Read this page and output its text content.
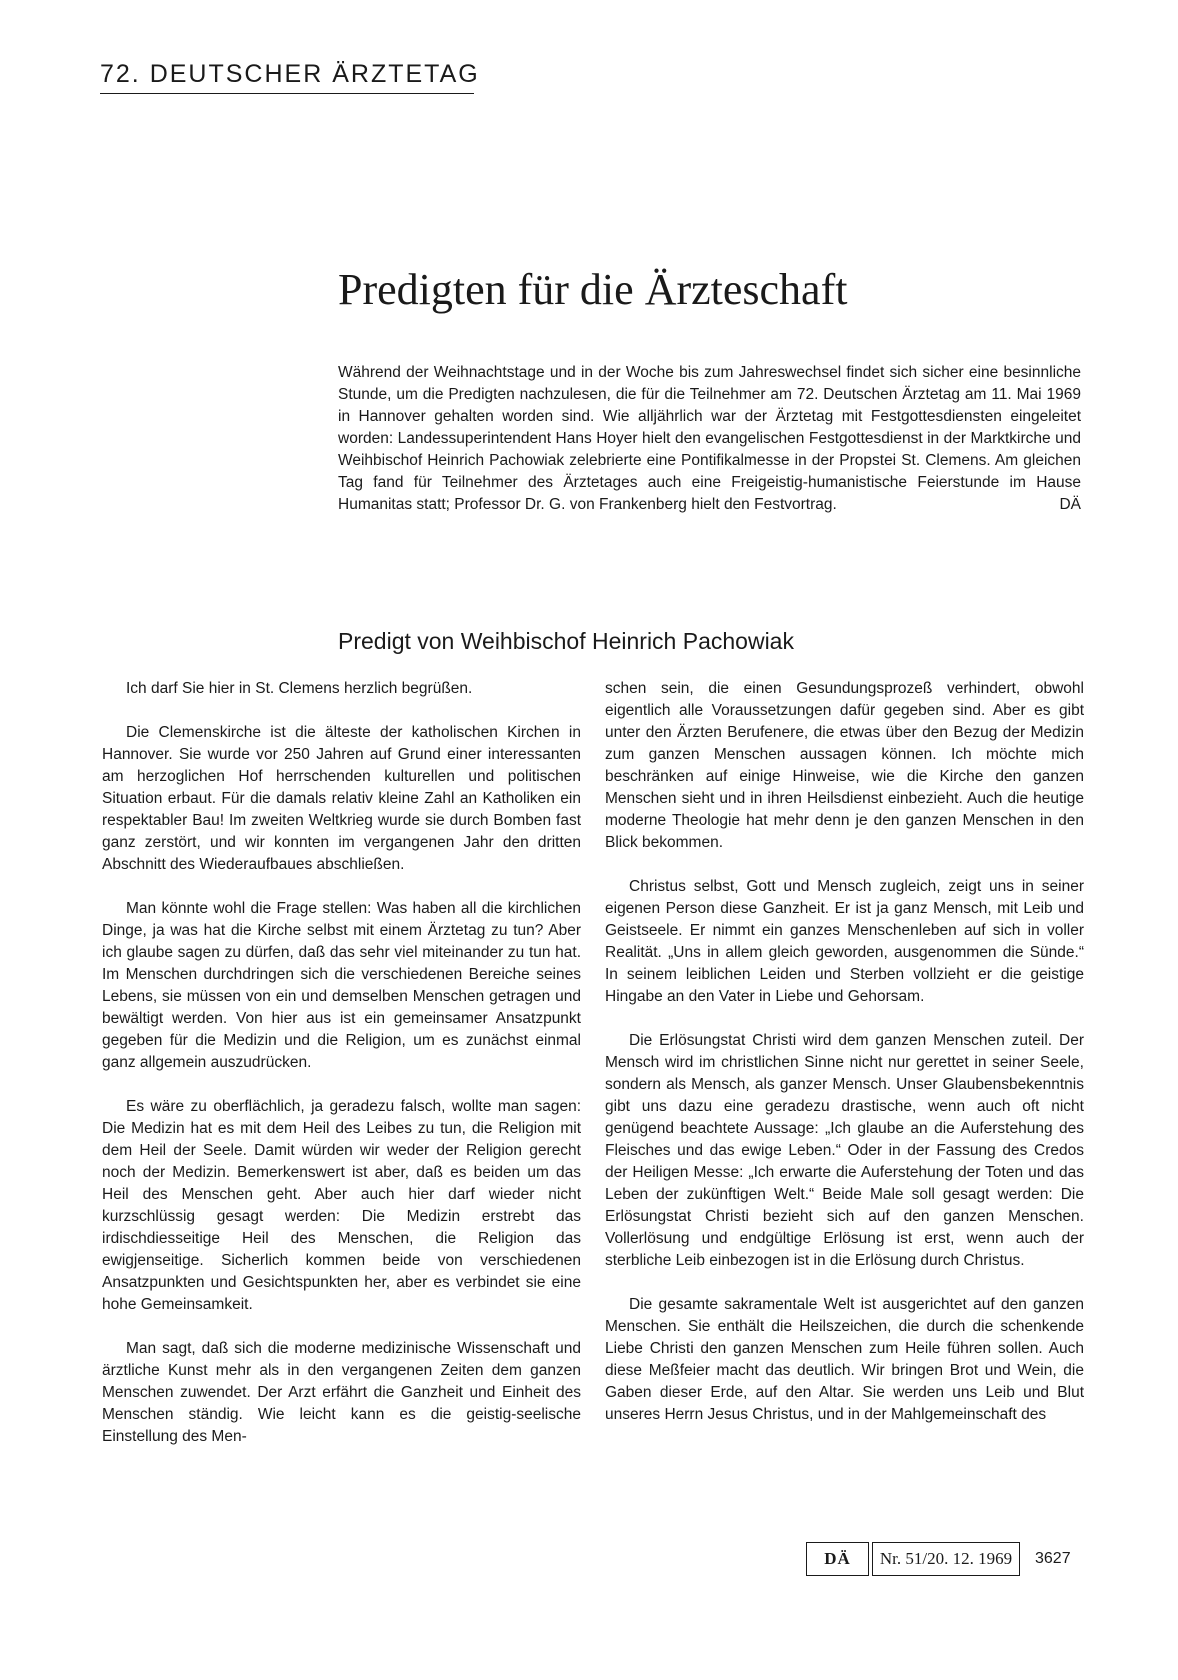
72. DEUTSCHER ÄRZTETAG
Predigten für die Ärzteschaft
Während der Weihnachtstage und in der Woche bis zum Jahreswechsel findet sich sicher eine besinnliche Stunde, um die Predigten nachzulesen, die für die Teilnehmer am 72. Deutschen Ärztetag am 11. Mai 1969 in Hannover gehalten worden sind. Wie alljährlich war der Ärztetag mit Festgottesdiensten eingeleitet worden: Landessuperintendent Hans Hoyer hielt den evangelischen Festgottesdienst in der Marktkirche und Weihbischof Heinrich Pachowiak zelebrierte eine Pontifikalmesse in der Propstei St. Clemens. Am gleichen Tag fand für Teilnehmer des Ärztetages auch eine Freigeistig-humanistische Feierstunde im Hause Humanitas statt; Professor Dr. G. von Frankenberg hielt den Festvortrag.	DÄ
Predigt von Weihbischof Heinrich Pachowiak

Ich darf Sie hier in St. Clemens herzlich begrüßen.

Die Clemenskirche ist die älteste der katholischen Kirchen in Hannover. Sie wurde vor 250 Jahren auf Grund einer interessanten am herzoglichen Hof herrschenden kulturellen und politischen Situation erbaut. Für die damals relativ kleine Zahl an Katholiken ein respektabler Bau! Im zweiten Weltkrieg wurde sie durch Bomben fast ganz zerstört, und wir konnten im vergangenen Jahr den dritten Abschnitt des Wiederaufbaues abschließen.

Man könnte wohl die Frage stellen: Was haben all die kirchlichen Dinge, ja was hat die Kirche selbst mit einem Ärztetag zu tun? Aber ich glaube sagen zu dürfen, daß das sehr viel miteinander zu tun hat. Im Menschen durchdringen sich die verschiedenen Bereiche seines Lebens, sie müssen von ein und demselben Menschen getragen und bewältigt werden. Von hier aus ist ein gemeinsamer Ansatzpunkt gegeben für die Medizin und die Religion, um es zunächst einmal ganz allgemein auszudrücken.

Es wäre zu oberflächlich, ja geradezu falsch, wollte man sagen: Die Medizin hat es mit dem Heil des Leibes zu tun, die Religion mit dem Heil der Seele. Damit würden wir weder der Religion gerecht noch der Medizin. Bemerkenswert ist aber, daß es beiden um das Heil des Menschen geht. Aber auch hier darf wieder nicht kurzschlüssig gesagt werden: Die Medizin erstrebt das irdischdiesseitige Heil des Menschen, die Religion das ewigjenseitige. Sicherlich kommen beide von verschiedenen Ansatzpunkten und Gesichtspunkten her, aber es verbindet sie eine hohe Gemeinsamkeit.

Man sagt, daß sich die moderne medizinische Wissenschaft und ärztliche Kunst mehr als in den vergangenen Zeiten dem ganzen Menschen zuwendet. Der Arzt erfährt die Ganzheit und Einheit des Menschen ständig. Wie leicht kann es die geistig-seelische Einstellung des Men-

schen sein, die einen Gesundungsprozeß verhindert, obwohl eigentlich alle Voraussetzungen dafür gegeben sind. Aber es gibt unter den Ärzten Berufenere, die etwas über den Bezug der Medizin zum ganzen Menschen aussagen können. Ich möchte mich beschränken auf einige Hinweise, wie die Kirche den ganzen Menschen sieht und in ihren Heilsdienst einbezieht. Auch die heutige moderne Theologie hat mehr denn je den ganzen Menschen in den Blick bekommen.

Christus selbst, Gott und Mensch zugleich, zeigt uns in seiner eigenen Person diese Ganzheit. Er ist ja ganz Mensch, mit Leib und Geistseele. Er nimmt ein ganzes Menschenleben auf sich in voller Realität. „Uns in allem gleich geworden, ausgenommen die Sünde.“ In seinem leiblichen Leiden und Sterben vollzieht er die geistige Hingabe an den Vater in Liebe und Gehorsam.

Die Erlösungstat Christi wird dem ganzen Menschen zuteil. Der Mensch wird im christlichen Sinne nicht nur gerettet in seiner Seele, sondern als Mensch, als ganzer Mensch. Unser Glaubensbekenntnis gibt uns dazu eine geradezu drastische, wenn auch oft nicht genügend beachtete Aussage: „Ich glaube an die Auferstehung des Fleisches und das ewige Leben.“ Oder in der Fassung des Credos der Heiligen Messe: „Ich erwarte die Auferstehung der Toten und das Leben der zukünftigen Welt.“ Beide Male soll gesagt werden: Die Erlösungstat Christi bezieht sich auf den ganzen Menschen. Vollerlösung und endgültige Erlösung ist erst, wenn auch der sterbliche Leib einbezogen ist in die Erlösung durch Christus.

Die gesamte sakramentale Welt ist ausgerichtet auf den ganzen Menschen. Sie enthält die Heilszeichen, die durch die schenkende Liebe Christi den ganzen Menschen zum Heile führen sollen. Auch diese Meßfeier macht das deutlich. Wir bringen Brot und Wein, die Gaben dieser Erde, auf den Altar. Sie werden uns Leib und Blut unseres Herrn Jesus Christus, und in der Mahlgemeinschaft des

DÄ	Nr. 51/20. 12. 1969	3627
